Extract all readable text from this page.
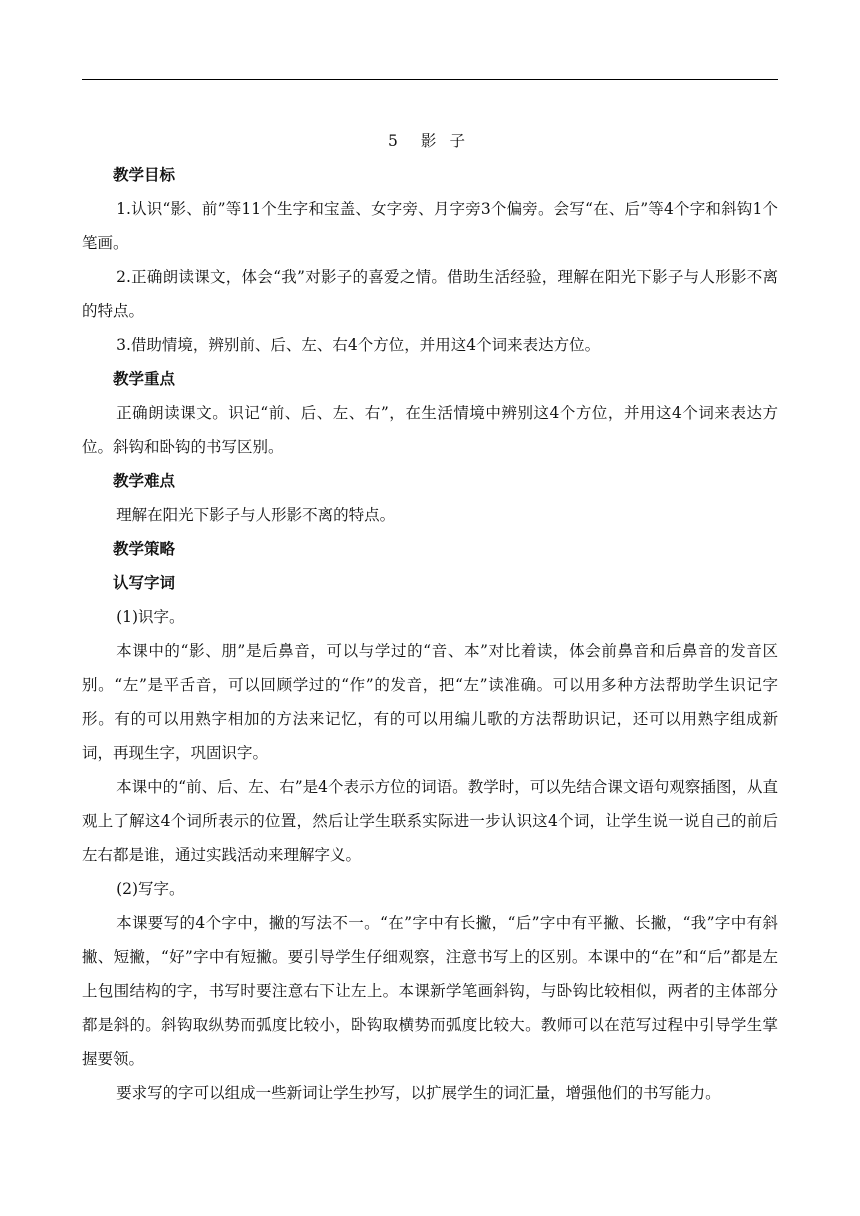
5 影 子

教学目标

1.认识“影、前”等11个生字和宝盖、女字旁、月字旁3个偏旁。会写“在、后”等4个字和斜钩1个笔画。

2.正确朗读课文，体会“我”对影子的喜爱之情。借助生活经验，理解在阳光下影子与人形影不离的特点。

3.借助情境，辨别前、后、左、右4个方位，并用这4个词来表达方位。

教学重点

正确朗读课文。识记“前、后、左、右”，在生活情境中辨别这4个方位，并用这4个词来表达方位。斜钩和卧钩的书写区别。

教学难点

理解在阳光下影子与人形影不离的特点。

教学策略

认写字词

(1)识字。

本课中的“影、朋”是后鼻音，可以与学过的“音、本”对比着读，体会前鼻音和后鼻音的发音区别。“左”是平舌音，可以回顾学过的“作”的发音，把“左”读准确。可以用多种方法帮助学生识记字形。有的可以用熟字相加的方法来记忆，有的可以用编儿歌的方法帮助识记，还可以用熟字组成新词，再现生字，巩固识字。

本课中的“前、后、左、右”是4个表示方位的词语。教学时，可以先结合课文语句观察插图，从直观上了解这4个词所表示的位置，然后让学生联系实际进一步认识这4个词，让学生说一说自己的前后左右都是谁，通过实践活动来理解字义。

(2)写字。

本课要写的4个字中，撇的写法不一。“在”字中有长撇，“后”字中有平撇、长撇，“我”字中有斜撇、短撇，“好”字中有短撇。要引导学生仔细观察，注意书写上的区别。本课中的“在”和“后”都是左上包围结构的字，书写时要注意右下让左上。本课新学笔画斜钩，与卧钩比较相似，两者的主体部分都是斜的。斜钩取纵势而弧度比较小，卧钩取横势而弧度比较大。教师可以在范写过程中引导学生掌握要领。

要求写的字可以组成一些新词让学生抄写，以扩展学生的词汇量，增强他们的书写能力。
